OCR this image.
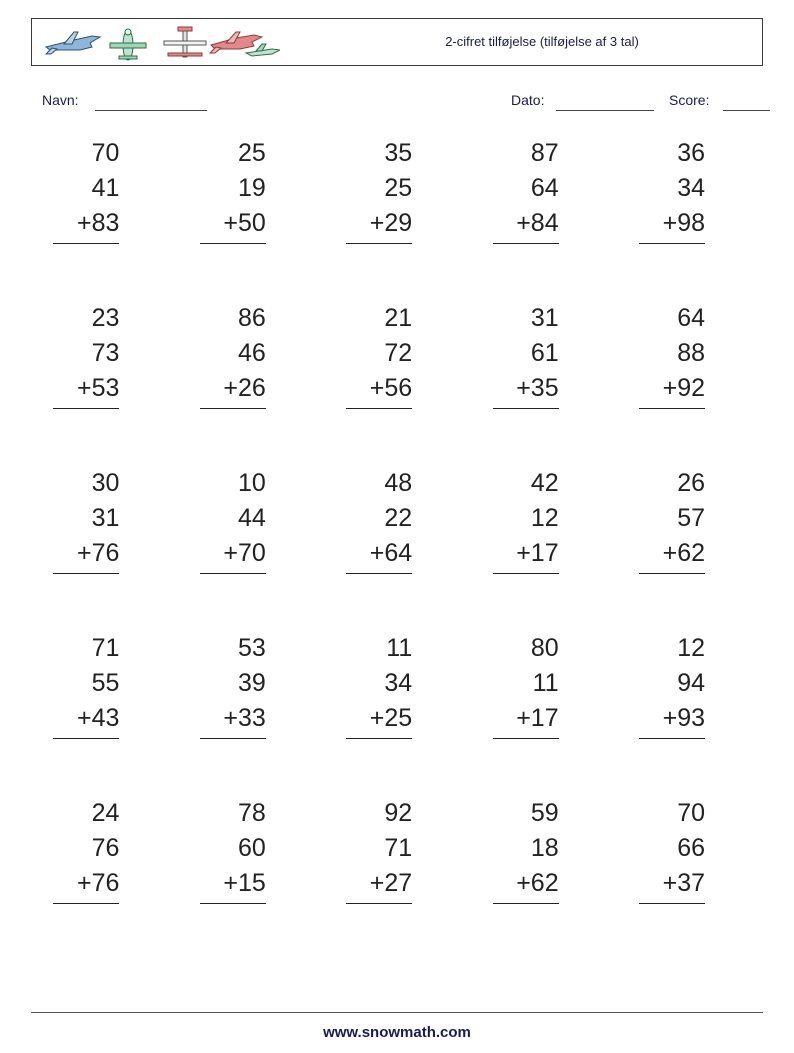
2-cifret tilføjelse (tilføjelse af 3 tal)
Navn:	Dato:	Score:
70
41
+83
25
19
+50
35
25
+29
87
64
+84
36
34
+98
23
73
+53
86
46
+26
21
72
+56
31
61
+35
64
88
+92
30
31
+76
10
44
+70
48
22
+64
42
12
+17
26
57
+62
71
55
+43
53
39
+33
11
34
+25
80
11
+17
12
94
+93
24
76
+76
78
60
+15
92
71
+27
59
18
+62
70
66
+37
www.snowmath.com
